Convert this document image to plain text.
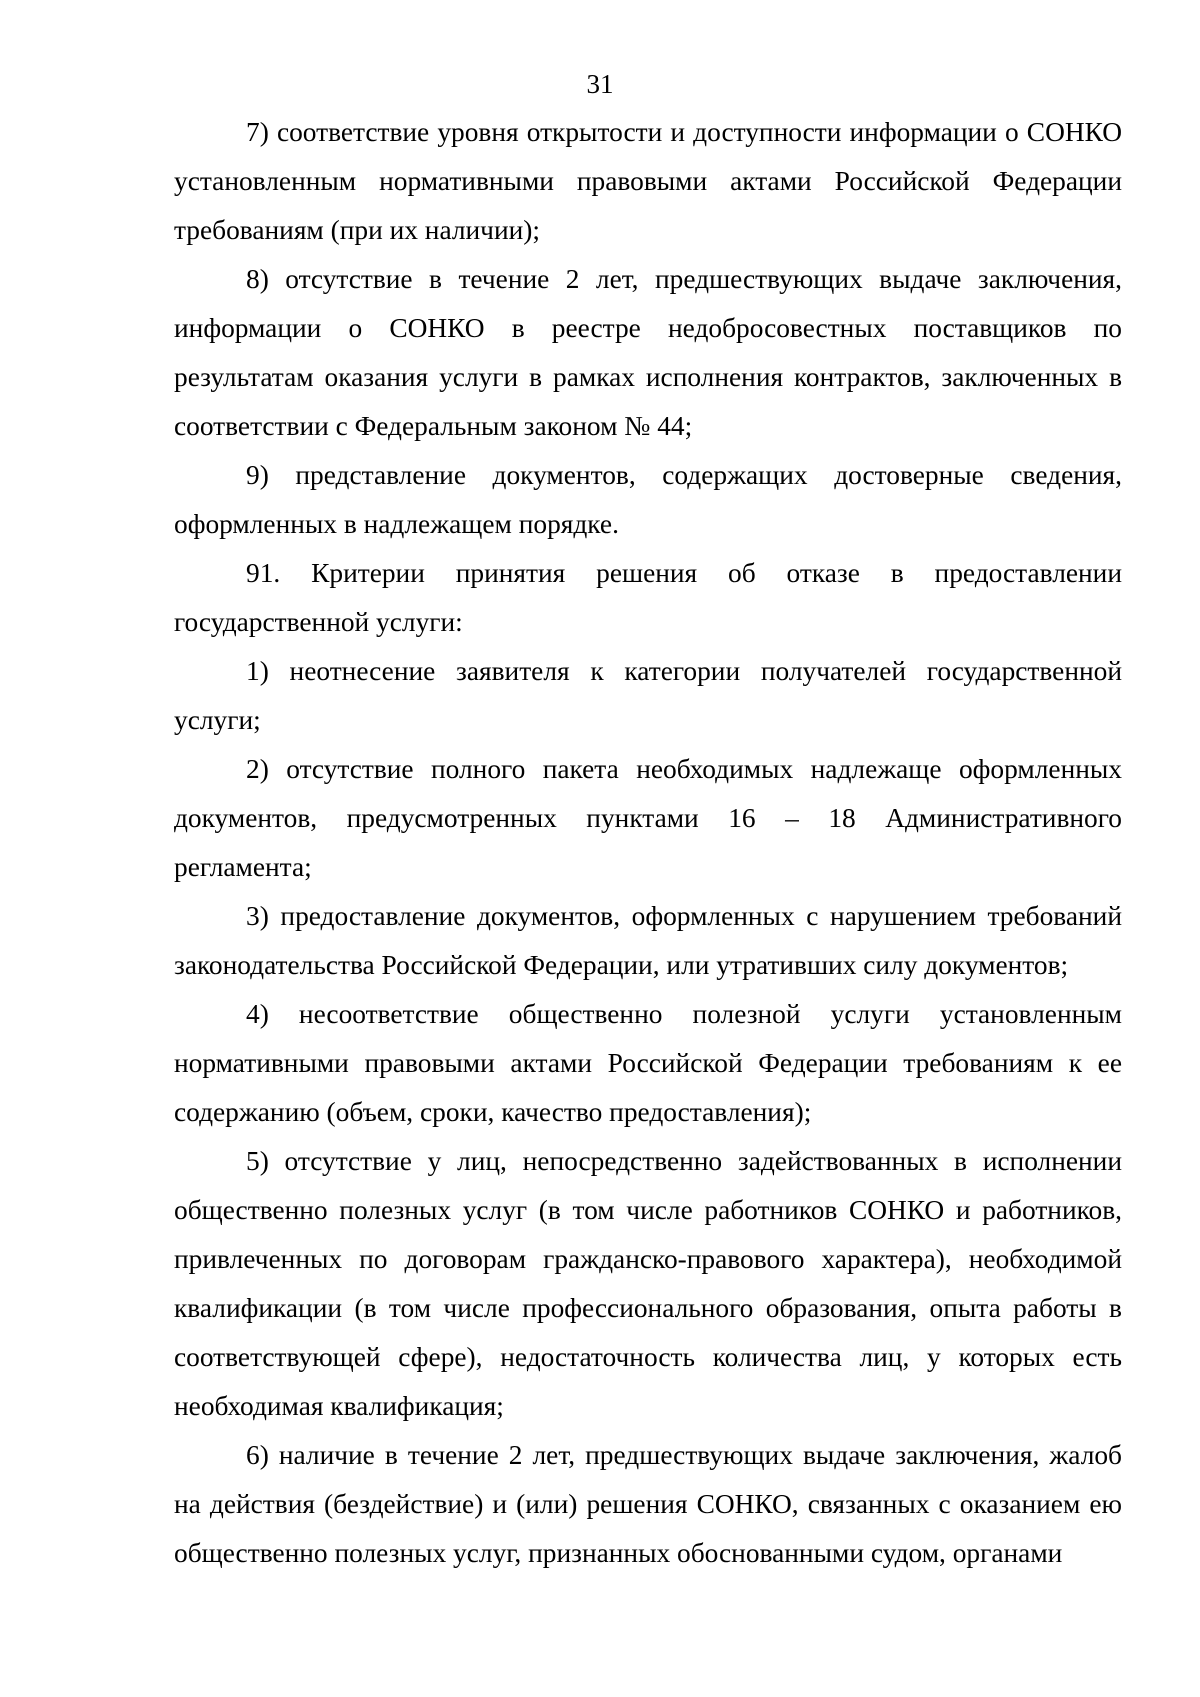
31

7) соответствие уровня открытости и доступности информации о СОНКО установленным нормативными правовыми актами Российской Федерации требованиям (при их наличии);

8) отсутствие в течение 2 лет, предшествующих выдаче заключения, информации о СОНКО в реестре недобросовестных поставщиков по результатам оказания услуги в рамках исполнения контрактов, заключенных в соответствии с Федеральным законом № 44;

9) представление документов, содержащих достоверные сведения, оформленных в надлежащем порядке.

91. Критерии принятия решения об отказе в предоставлении государственной услуги:

1) неотнесение заявителя к категории получателей государственной услуги;

2) отсутствие полного пакета необходимых надлежаще оформленных документов, предусмотренных пунктами 16 – 18 Административного регламента;

3) предоставление документов, оформленных с нарушением требований законодательства Российской Федерации, или утративших силу документов;

4) несоответствие общественно полезной услуги установленным нормативными правовыми актами Российской Федерации требованиям к ее содержанию (объем, сроки, качество предоставления);

5) отсутствие у лиц, непосредственно задействованных в исполнении общественно полезных услуг (в том числе работников СОНКО и работников, привлеченных по договорам гражданско-правового характера), необходимой квалификации (в том числе профессионального образования, опыта работы в соответствующей сфере), недостаточность количества лиц, у которых есть необходимая квалификация;

6) наличие в течение 2 лет, предшествующих выдаче заключения, жалоб на действия (бездействие) и (или) решения СОНКО, связанных с оказанием ею общественно полезных услуг, признанных обоснованными судом, органами
